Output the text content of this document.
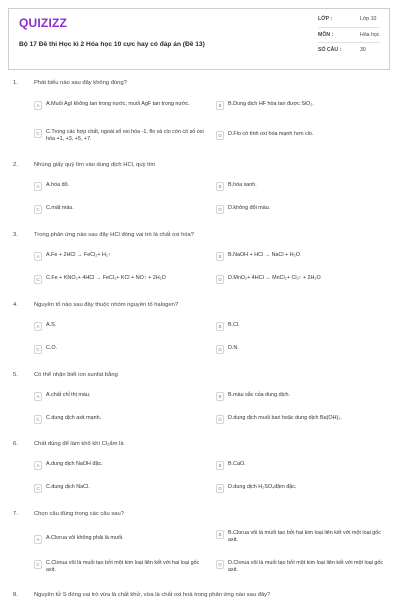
QUIZIZZ
Bộ 17 Đề thi Học kì 2 Hóa học 10 cực hay có đáp án (Đề 13)
LỚP :	Lớp 10
MÔN :	Hóa học
SỐ CÂU :	30
1.	Phát biểu nào sau đây không đúng?
A	A.Muối AgI không tan trong nước, muối AgF tan trong nước.	B	B.Dung dịch HF hòa tan được SiO₂.
C	C.Trong các hợp chất, ngoài số oxi hóa -1, flo và clo còn có số oxi hóa +1, +3, +5, +7.
D	D.Flo có tính oxi hóa mạnh hơn clo.
2.	Nhúng giấy quỳ tím vào dung dịch HCl, quỳ tím
A	A.hóa đỏ.	B	B.hóa xanh.
C	C.mất màu.	D	D.không đổi màu.
3.	Trong phản ứng nào sau đây HCl đóng vai trò là chất oxi hóa?
A	A.Fe + 2HCl → FeCl₂+ H₂↑	B	B.NaOH + HCl → NaCl + H₂O
C	C.Fe + KNO₃+ 4HCl → FeCl₃+ KCl + NO↑ + 2H₂O	D	D.MnO₂+ 4HCl → MnCl₂+ Cl₂↑ + 2H₂O
4.	Nguyên tố nào sau đây thuộc nhóm nguyên tố halogen?
A	A.S.	B	B.Cl.
C	C.O.	D	D.N.
5.	Có thể nhận biết ion sunfat bằng
A	A.chất chỉ thị màu.	B	B.màu sắc của dung dịch.
C	C.dung dịch axit mạnh.	D	D.dung dịch muối bari hoặc dung dịch Ba(OH)₂.
6.	Chất dùng để làm khô khí Cl₂ẩm là
A	A.dung dịch NaOH đặc.	B	B.CaO.
C	C.dung dịch NaCl.	D	D.dung dịch H₂SO₄đậm đặc.
7.	Chọn câu đúng trong các câu sau?
A	A.Clorua vôi không phải là muối.
B	B.Clorua vôi là muối tạo bởi hai kim loại liên kết với một loại gốc axit.
C	C.Clorua vôi là muối tạo bởi một kim loại liên kết với hai loại gốc axit.
D	D.Clorua vôi là muối tạo bởi một kim loại liên kết với một loại gốc axit.
8.	Nguyên tử S đóng vai trò vừa là chất khử, vừa là chất oxi hoá trong phản ứng nào sau đây?
